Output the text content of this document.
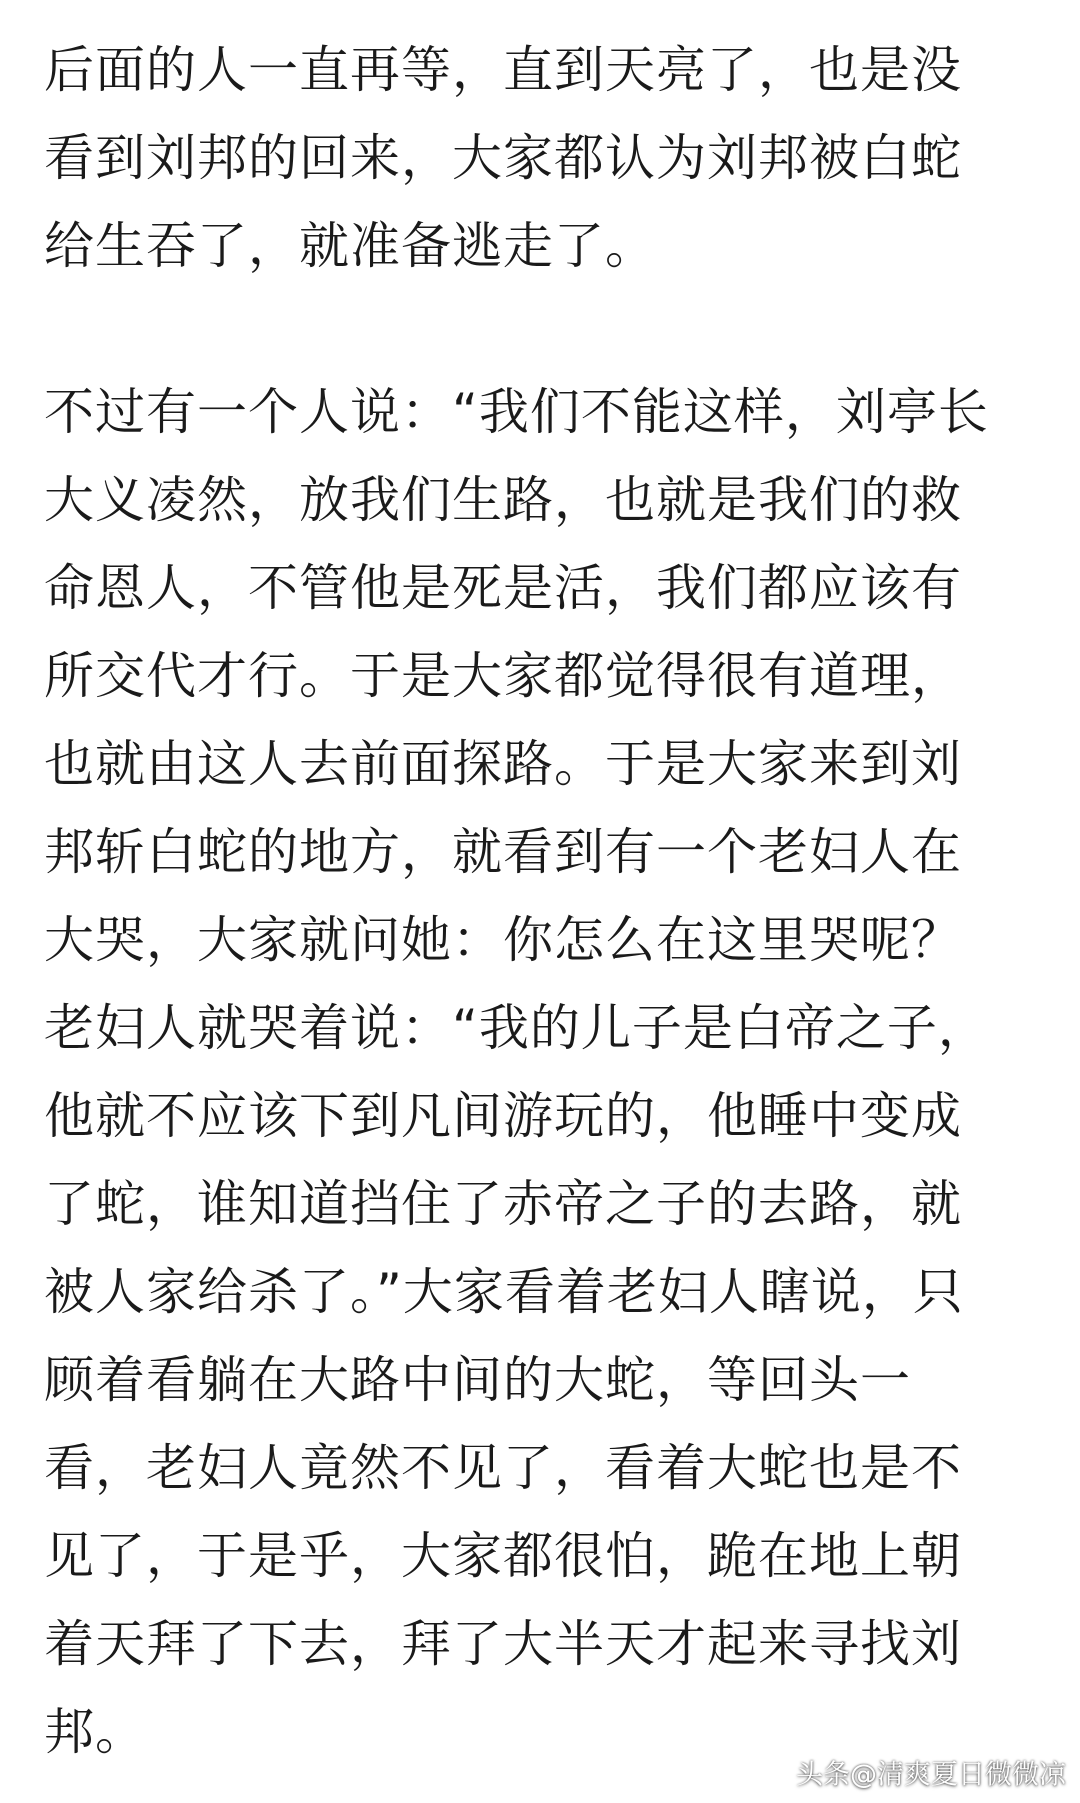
后面的人一直再等，直到天亮了，也是没
看到刘邦的回来，大家都认为刘邦被白蛇
给生吞了，就准备逃走了。
不过有一个人说：“我们不能这样，刘亭长
大义凌然，放我们生路，也就是我们的救
命恩人，不管他是死是活，我们都应该有
所交代才行。于是大家都觉得很有道理，
也就由这人去前面探路。于是大家来到刘
邦斩白蛇的地方，就看到有一个老妇人在
大哭，大家就问她：你怎么在这里哭呢？
老妇人就哭着说：“我的儿子是白帝之子，
他就不应该下到凡间游玩的，他睡中变成
了蛇，谁知道挡住了赤帝之子的去路，就
被人家给杀了。”大家看着老妇人瞎说，只
顾着看躺在大路中间的大蛇，等回头一
看，老妇人竟然不见了，看着大蛇也是不
见了，于是乎，大家都很怕，跪在地上朝
着天拜了下去，拜了大半天才起来寻找刘
邦。
头条@清爽夏日微微凉
